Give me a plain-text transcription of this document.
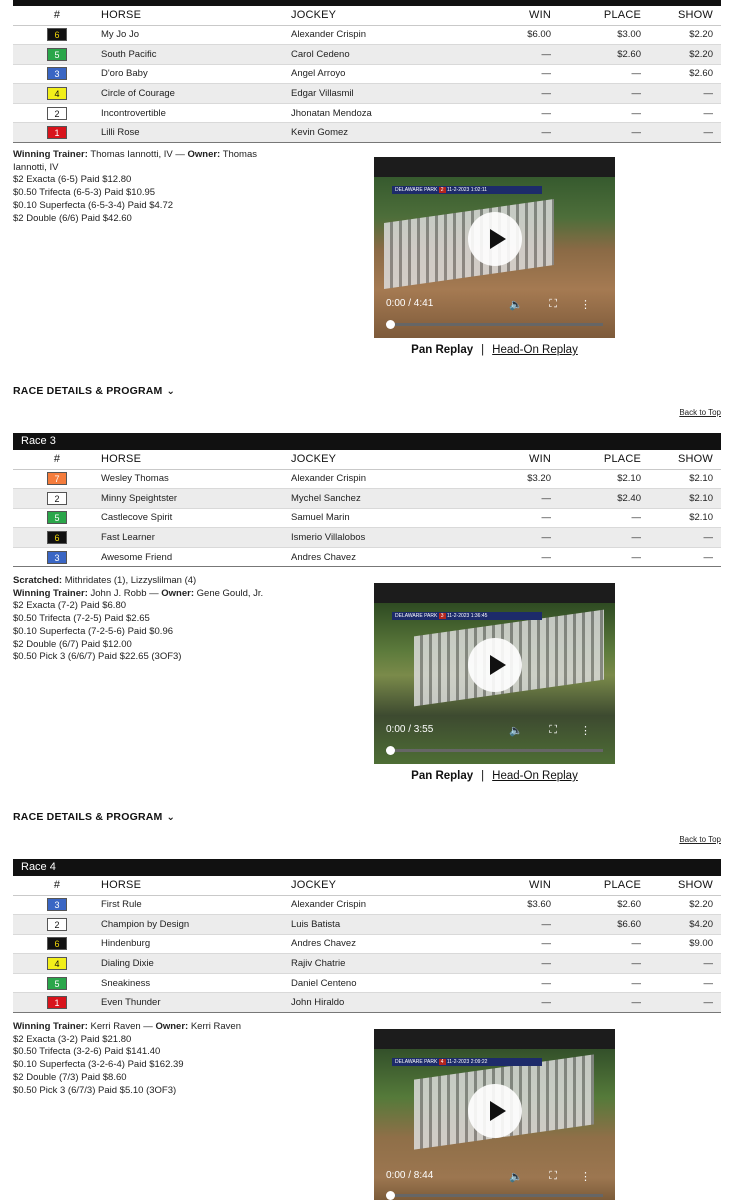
#	HORSE	JOCKEY	WIN	PLACE	SHOW
6	My Jo Jo	Alexander Crispin	$6.00	$3.00	$2.20
5	South Pacific	Carol Cedeno	—	$2.60	$2.20
3	D'oro Baby	Angel Arroyo	—	—	$2.60
4	Circle of Courage	Edgar Villasmil	—	—	—
2	Incontrovertible	Jhonatan Mendoza	—	—	—
1	Lilli Rose	Kevin Gomez	—	—	—
Winning Trainer: Thomas Iannotti, IV — Owner: Thomas Iannotti, IV
$2 Exacta (6-5) Paid $12.80
$0.50 Trifecta (6-5-3) Paid $10.95
$0.10 Superfecta (6-5-3-4) Paid $4.72
$2 Double (6/6) Paid $42.60
DELAWARE PARK 2 11-2-2023 1:02:11
0:00 / 4:41	🔈 ⛶ ⋮
Pan Replay | Head-On Replay
RACE DETAILS & PROGRAM ⌄
Back to Top
Race 3
#	HORSE	JOCKEY	WIN	PLACE	SHOW
7	Wesley Thomas	Alexander Crispin	$3.20	$2.10	$2.10
2	Minny Speightster	Mychel Sanchez	—	$2.40	$2.10
5	Castlecove Spirit	Samuel Marin	—	—	$2.10
6	Fast Learner	Ismerio Villalobos	—	—	—
3	Awesome Friend	Andres Chavez	—	—	—
Scratched: Mithridates (1), Lizzyslilman (4)
Winning Trainer: John J. Robb — Owner: Gene Gould, Jr.
$2 Exacta (7-2) Paid $6.80
$0.50 Trifecta (7-2-5) Paid $2.65
$0.10 Superfecta (7-2-5-6) Paid $0.96
$2 Double (6/7) Paid $12.00
$0.50 Pick 3 (6/6/7) Paid $22.65 (3OF3)
DELAWARE PARK 3 11-2-2023 1:36:45
0:00 / 3:55	🔈 ⛶ ⋮
Pan Replay | Head-On Replay
RACE DETAILS & PROGRAM ⌄
Back to Top
Race 4
#	HORSE	JOCKEY	WIN	PLACE	SHOW
3	First Rule	Alexander Crispin	$3.60	$2.60	$2.20
2	Champion by Design	Luis Batista	—	$6.60	$4.20
6	Hindenburg	Andres Chavez	—	—	$9.00
4	Dialing Dixie	Rajiv Chatrie	—	—	—
5	Sneakiness	Daniel Centeno	—	—	—
1	Even Thunder	John Hiraldo	—	—	—
Winning Trainer: Kerri Raven — Owner: Kerri Raven
$2 Exacta (3-2) Paid $21.80
$0.50 Trifecta (3-2-6) Paid $141.40
$0.10 Superfecta (3-2-6-4) Paid $162.39
$2 Double (7/3) Paid $8.60
$0.50 Pick 3 (6/7/3) Paid $5.10 (3OF3)
DELAWARE PARK 4 11-2-2023 2:09:22
0:00 / 8:44	🔈 ⛶ ⋮
